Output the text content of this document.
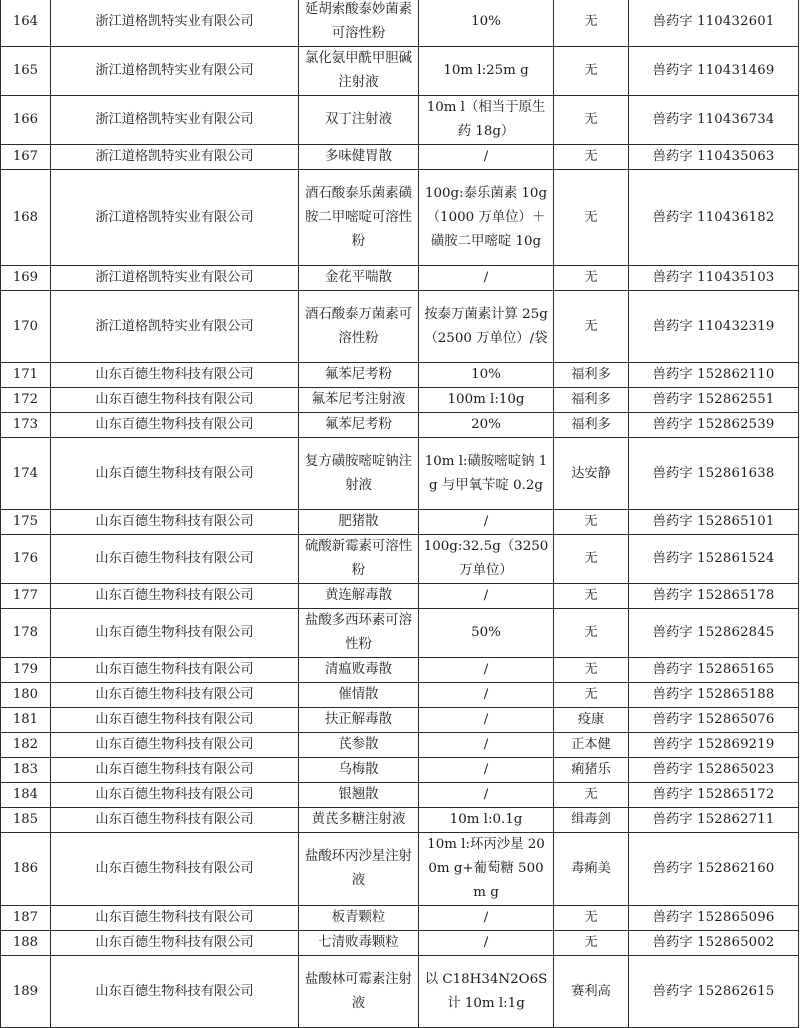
164	浙江道格凯特实业有限公司	延胡索酸泰妙菌素可溶性粉	10%	无	兽药字 110432601
165	浙江道格凯特实业有限公司	氯化氨甲酰甲胆碱注射液	10m l:25m g	无	兽药字 110431469
166	浙江道格凯特实业有限公司	双丁注射液	10m l（相当于原生药 18g）	无	兽药字 110436734
167	浙江道格凯特实业有限公司	多味健胃散	/	无	兽药字 110435063
168	浙江道格凯特实业有限公司	酒石酸泰乐菌素磺胺二甲嘧啶可溶性粉	100g:泰乐菌素 10g（1000 万单位）＋磺胺二甲嘧啶 10g	无	兽药字 110436182
169	浙江道格凯特实业有限公司	金花平喘散	/	无	兽药字 110435103
170	浙江道格凯特实业有限公司	酒石酸泰万菌素可溶性粉	按泰万菌素计算 25g（2500 万单位）/袋	无	兽药字 110432319
171	山东百德生物科技有限公司	氟苯尼考粉	10%	福利多	兽药字 152862110
172	山东百德生物科技有限公司	氟苯尼考注射液	100m l:10g	福利多	兽药字 152862551
173	山东百德生物科技有限公司	氟苯尼考粉	20%	福利多	兽药字 152862539
174	山东百德生物科技有限公司	复方磺胺嘧啶钠注射液	10m l:磺胺嘧啶钠 1g 与甲氧苄啶 0.2g	达安静	兽药字 152861638
175	山东百德生物科技有限公司	肥猪散	/	无	兽药字 152865101
176	山东百德生物科技有限公司	硫酸新霉素可溶性粉	100g:32.5g（3250 万单位）	无	兽药字 152861524
177	山东百德生物科技有限公司	黄连解毒散	/	无	兽药字 152865178
178	山东百德生物科技有限公司	盐酸多西环素可溶性粉	50%	无	兽药字 152862845
179	山东百德生物科技有限公司	清瘟败毒散	/	无	兽药字 152865165
180	山东百德生物科技有限公司	催情散	/	无	兽药字 152865188
181	山东百德生物科技有限公司	扶正解毒散	/	疫康	兽药字 152865076
182	山东百德生物科技有限公司	芪参散	/	正本健	兽药字 152869219
183	山东百德生物科技有限公司	乌梅散	/	痢猪乐	兽药字 152865023
184	山东百德生物科技有限公司	银翘散	/	无	兽药字 152865172
185	山东百德生物科技有限公司	黄芪多糖注射液	10m l:0.1g	缉毒剑	兽药字 152862711
186	山东百德生物科技有限公司	盐酸环丙沙星注射液	10m l:环丙沙星 200m g+葡萄糖 500m g	毒痢美	兽药字 152862160
187	山东百德生物科技有限公司	板青颗粒	/	无	兽药字 152865096
188	山东百德生物科技有限公司	七清败毒颗粒	/	无	兽药字 152865002
189	山东百德生物科技有限公司	盐酸林可霉素注射液	以 C18H34N2O6S 计 10m l:1g	赛利高	兽药字 152862615
